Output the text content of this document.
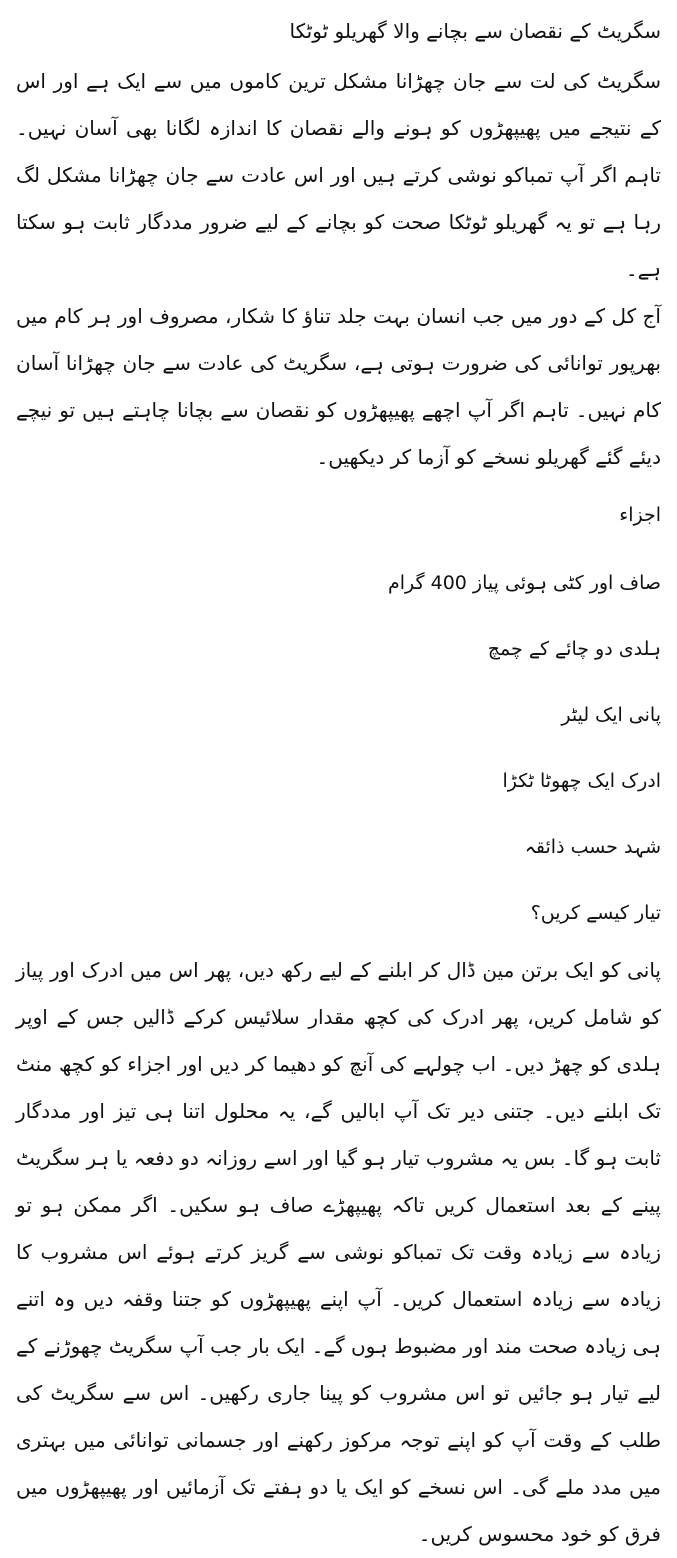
سگریٹ کے نقصان سے بچانے والا گھریلو ٹوٹکا

سگریٹ کی لت سے جان چھڑانا مشکل ترین کاموں میں سے ایک ہے اور اس کے نتیجے میں پھیپھڑوں کو ہونے والے نقصان کا اندازہ لگانا بھی آسان نہیں۔ تاہم اگر آپ تمباکو نوشی کرتے ہیں اور اس عادت سے جان چھڑانا مشکل لگ رہا ہے تو یہ گھریلو ٹوٹکا صحت کو بچانے کے لیے ضرور مددگار ثابت ہو سکتا ہے۔

آج کل کے دور میں جب انسان بہت جلد تناؤ کا شکار، مصروف اور ہر کام میں بھرپور توانائی کی ضرورت ہوتی ہے، سگریٹ کی عادت سے جان چھڑانا آسان کام نہیں۔ تاہم اگر آپ اچھے پھیپھڑوں کو نقصان سے بچانا چاہتے ہیں تو نیچے دیئے گئے گھریلو نسخے کو آزما کر دیکھیں۔

اجزاء

صاف اور کٹی ہوئی پیاز 400 گرام
ہلدی دو چائے کے چمچ
پانی ایک لیٹر
ادرک ایک چھوٹا ٹکڑا
شہد حسب ذائقہ

تیار کیسے کریں؟

پانی کو ایک برتن مین ڈال کر ابلنے کے لیے رکھ دیں، پھر اس میں ادرک اور پیاز کو شامل کریں، پھر ادرک کی کچھ مقدار سلائیس کرکے ڈالیں جس کے اوپر ہلدی کو چھڑ دیں۔ اب چولہے کی آنچ کو دھیما کر دیں اور اجزاء کو کچھ منٹ تک ابلنے دیں۔ جتنی دیر تک آپ ابالیں گے، یہ محلول اتنا ہی تیز اور مددگار ثابت ہو گا۔ بس یہ مشروب تیار ہو گیا اور اسے روزانہ دو دفعہ یا ہر سگریٹ پینے کے بعد استعمال کریں تاکہ پھیپھڑے صاف ہو سکیں۔ اگر ممکن ہو تو زیادہ سے زیادہ وقت تک تمباکو نوشی سے گریز کرتے ہوئے اس مشروب کا زیادہ سے زیادہ استعمال کریں۔ آپ اپنے پھیپھڑوں کو جتنا وقفہ دیں وہ اتنے ہی زیادہ صحت مند اور مضبوط ہوں گے۔ ایک بار جب آپ سگریٹ چھوڑنے کے لیے تیار ہو جائیں تو اس مشروب کو پینا جاری رکھیں۔ اس سے سگریٹ کی طلب کے وقت آپ کو اپنے توجہ مرکوز رکھنے اور جسمانی توانائی میں بہتری میں مدد ملے گی۔ اس نسخے کو ایک یا دو ہفتے تک آزمائیں اور پھیپھڑوں میں فرق کو خود محسوس کریں۔
